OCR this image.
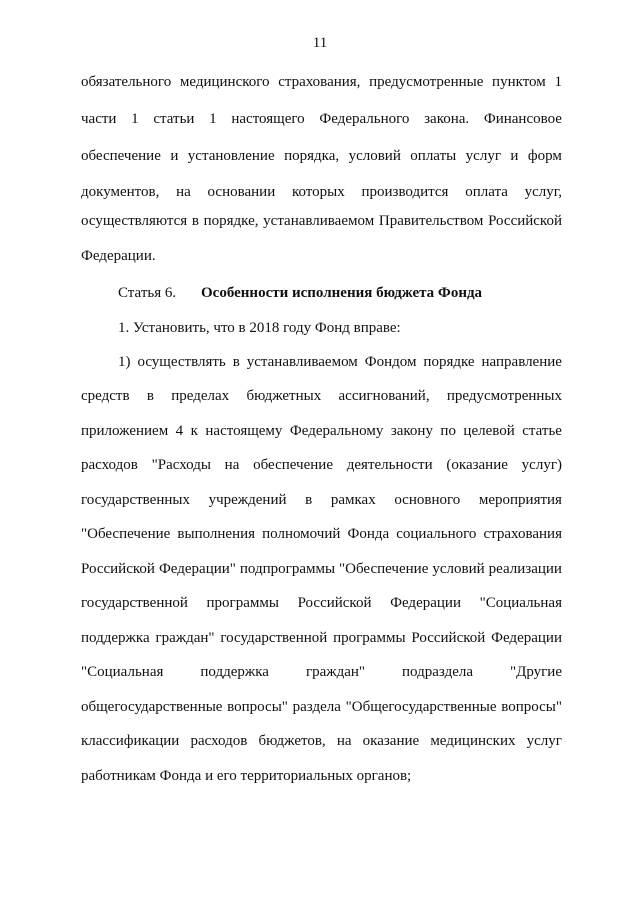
11
обязательного медицинского страхования, предусмотренные пунктом 1
части 1 статьи 1 настоящего Федерального закона. Финансовое
обеспечение и установление порядка, условий оплаты услуг и форм
документов, на основании которых производится оплата услуг,
осуществляются в порядке, устанавливаемом Правительством Российской
Федерации.
Статья 6. Особенности исполнения бюджета Фонда
1. Установить, что в 2018 году Фонд вправе:
1) осуществлять в устанавливаемом Фондом порядке направление
средств в пределах бюджетных ассигнований, предусмотренных
приложением 4 к настоящему Федеральному закону по целевой статье
расходов "Расходы на обеспечение деятельности (оказание услуг)
государственных учреждений в рамках основного мероприятия
"Обеспечение выполнения полномочий Фонда социального страхования
Российской Федерации" подпрограммы "Обеспечение условий реализации
государственной программы Российской Федерации "Социальная
поддержка граждан" государственной программы Российской Федерации
"Социальная поддержка граждан" подраздела "Другие
общегосударственные вопросы" раздела "Общегосударственные вопросы"
классификации расходов бюджетов, на оказание медицинских услуг
работникам Фонда и его территориальных органов;
